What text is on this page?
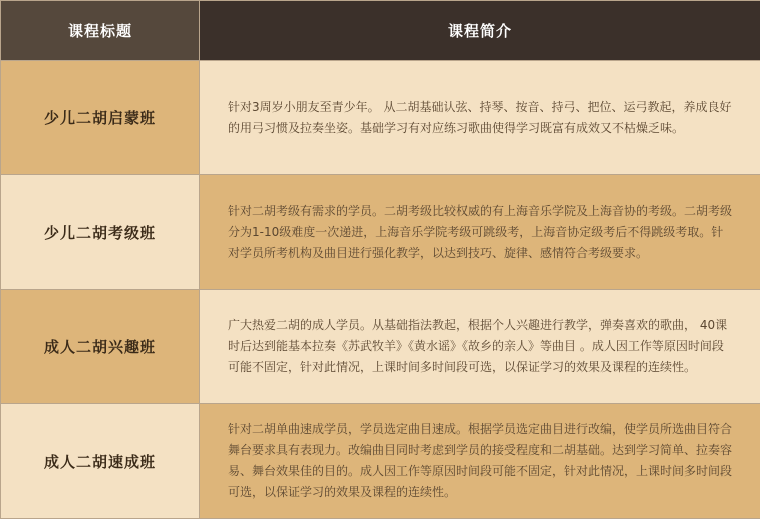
课程标题	课程简介
少儿二胡启蒙班	针对3周岁小朋友至青少年。 从二胡基础认弦、持琴、按音、持弓、把位、运弓教起，养成良好的用弓习惯及拉奏坐姿。基础学习有对应练习歌曲使得学习既富有成效又不枯燥乏味。
少儿二胡考级班	针对二胡考级有需求的学员。二胡考级比较权威的有上海音乐学院及上海音协的考级。二胡考级分为1-10级难度一次递进，上海音乐学院考级可跳级考，上海音协定级考后不得跳级考取。针对学员所考机构及曲目进行强化教学，以达到技巧、旋律、感情符合考级要求。
成人二胡兴趣班	广大热爱二胡的成人学员。从基础指法教起，根据个人兴趣进行教学，弹奏喜欢的歌曲， 40课时后达到能基本拉奏《苏武牧羊》《黄水谣》《故乡的亲人》等曲目 。成人因工作等原因时间段可能不固定，针对此情况，上课时间多时间段可选，以保证学习的效果及课程的连续性。
成人二胡速成班	针对二胡单曲速成学员，学员选定曲目速成。根据学员选定曲目进行改编，使学员所选曲目符合舞台要求具有表现力。改编曲目同时考虑到学员的接受程度和二胡基础。达到学习简单、拉奏容易、舞台效果佳的目的。成人因工作等原因时间段可能不固定，针对此情况，上课时间多时间段可选，以保证学习的效果及课程的连续性。
